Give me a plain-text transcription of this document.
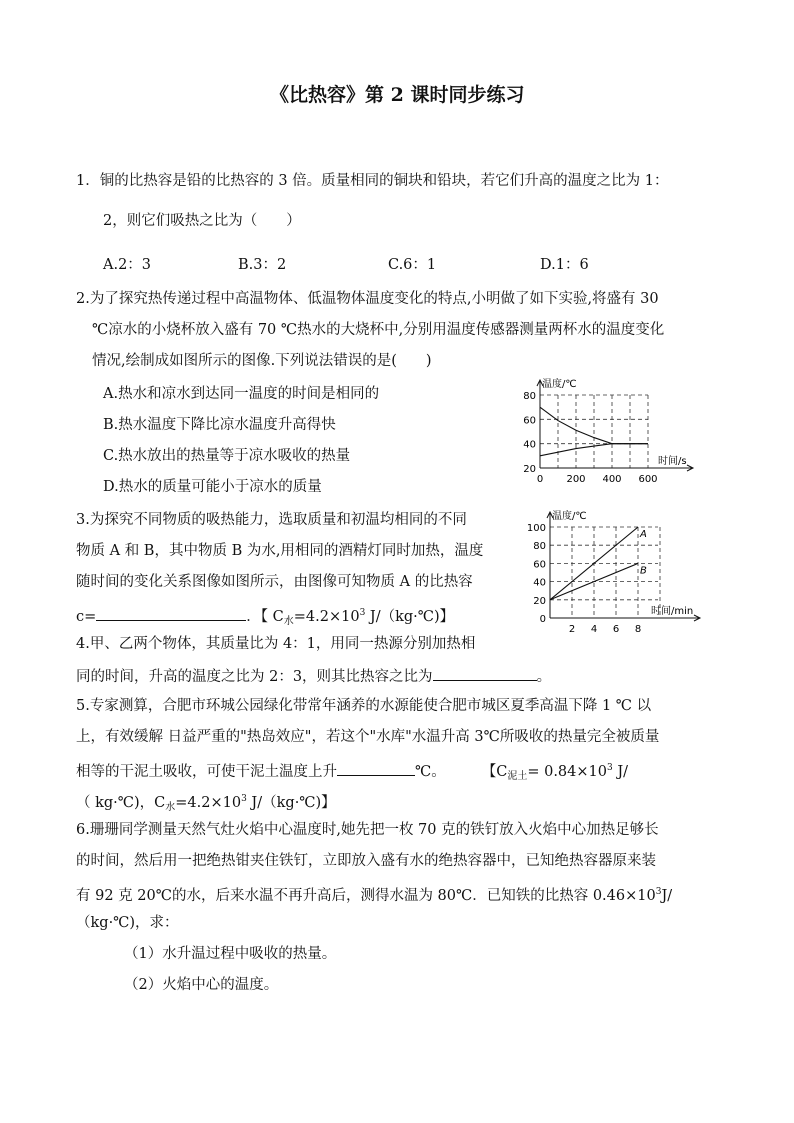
《比热容》第 2 课时同步练习
1．铜的比热容是铅的比热容的 3 倍。质量相同的铜块和铅块，若它们升高的温度之比为 1：
2，则它们吸热之比为（　　）
A.2：3	B.3：2	C.6：1	D.1：6
2.为了探究热传递过程中高温物体、低温物体温度变化的特点,小明做了如下实验,将盛有 30
℃凉水的小烧杯放入盛有 70 ℃热水的大烧杯中,分别用温度传感器测量两杯水的温度变化
情况,绘制成如图所示的图像.下列说法错误的是(　　)
A.热水和凉水到达同一温度的时间是相同的
B.热水温度下降比凉水温度升高得快
C.热水放出的热量等于凉水吸收的热量
D.热水的质量可能小于凉水的质量
20
40
60
80
0 200 400 600
温度/℃
时间/s
3.为探究不同物质的吸热能力，选取质量和初温均相同的不同
物质 A 和 B，其中物质 B 为水,用相同的酒精灯同时加热，温度
随时间的变化关系图像如图所示，由图像可知物质 A 的比热容
c=	．【 $C_水=4.2\times 10^3$ J/（kg·℃)】	0
20
40
60
80
100
2 4 6 8
温度/℃
时间/min
A
B
4.甲、乙两个物体，其质量比为 4：1，用同一热源分别加热相
同的时间，升高的温度之比为 2：3，则其比热容之比为	。
5.专家测算，合肥市环城公园绿化带常年涵养的水源能使合肥市城区夏季高温下降 1 ℃ 以
上，有效缓解 日益严重的"热岛效应"，若这个"水库"水温升高 3℃所吸收的热量完全被质量
相等的干泥土吸收，可使干泥土温度上升	℃。 【$C_{泥土}= 0.84\times 10^3$ J/
（ kg·℃)，$C_水=4.2\times 10^3$ J/（kg·℃)】
6.珊珊同学测量天然气灶火焰中心温度时,她先把一枚 70 克的铁钉放入火焰中心加热足够长
的时间，然后用一把绝热钳夹住铁钉，立即放入盛有水的绝热容器中，已知绝热容器原来装
有 92 克 20℃的水，后来水温不再升高后，测得水温为 80℃．已知铁的比热容 $0.46\times 10^3J/$
（kg·℃)，求：
（1）水升温过程中吸收的热量。
（2）火焰中心的温度。
